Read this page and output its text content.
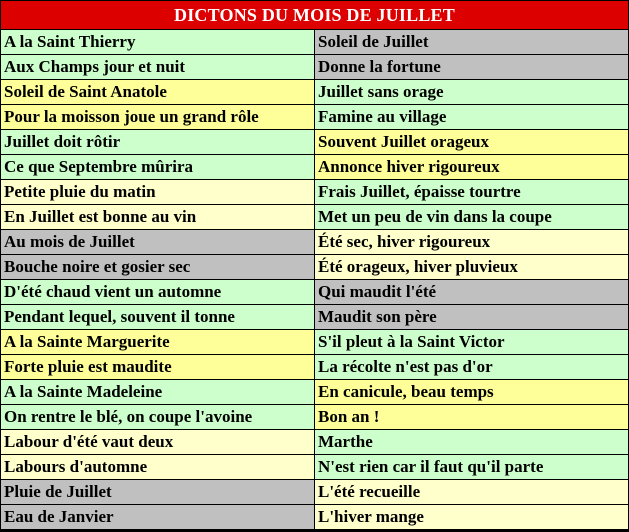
DICTONS DU MOIS DE JUILLET
A la Saint Thierry	Soleil de Juillet
Aux Champs jour et nuit	Donne la fortune
Soleil de Saint Anatole	Juillet sans orage
Pour la moisson joue un grand rôle	Famine au village
Juillet doit rôtir	Souvent Juillet orageux
Ce que Septembre mûrira	Annonce hiver rigoureux
Petite pluie du matin	Frais Juillet, épaisse tourtre
En Juillet est bonne au vin	Met un peu de vin dans la coupe
Au mois de Juillet	Été sec, hiver rigoureux
Bouche noire et gosier sec	Été orageux, hiver pluvieux
D'été chaud vient un automne	Qui maudit l'été
Pendant lequel, souvent il tonne	Maudit son père
A la Sainte Marguerite	S'il pleut à la Saint Victor
Forte pluie est maudite	La récolte n'est pas d'or
A la Sainte Madeleine	En canicule, beau temps
On rentre le blé, on coupe l'avoine	Bon an !
Labour d'été vaut deux	Marthe
Labours d'automne	N'est rien car il faut qu'il parte
Pluie de Juillet	L'été recueille
Eau de Janvier	L'hiver mange
